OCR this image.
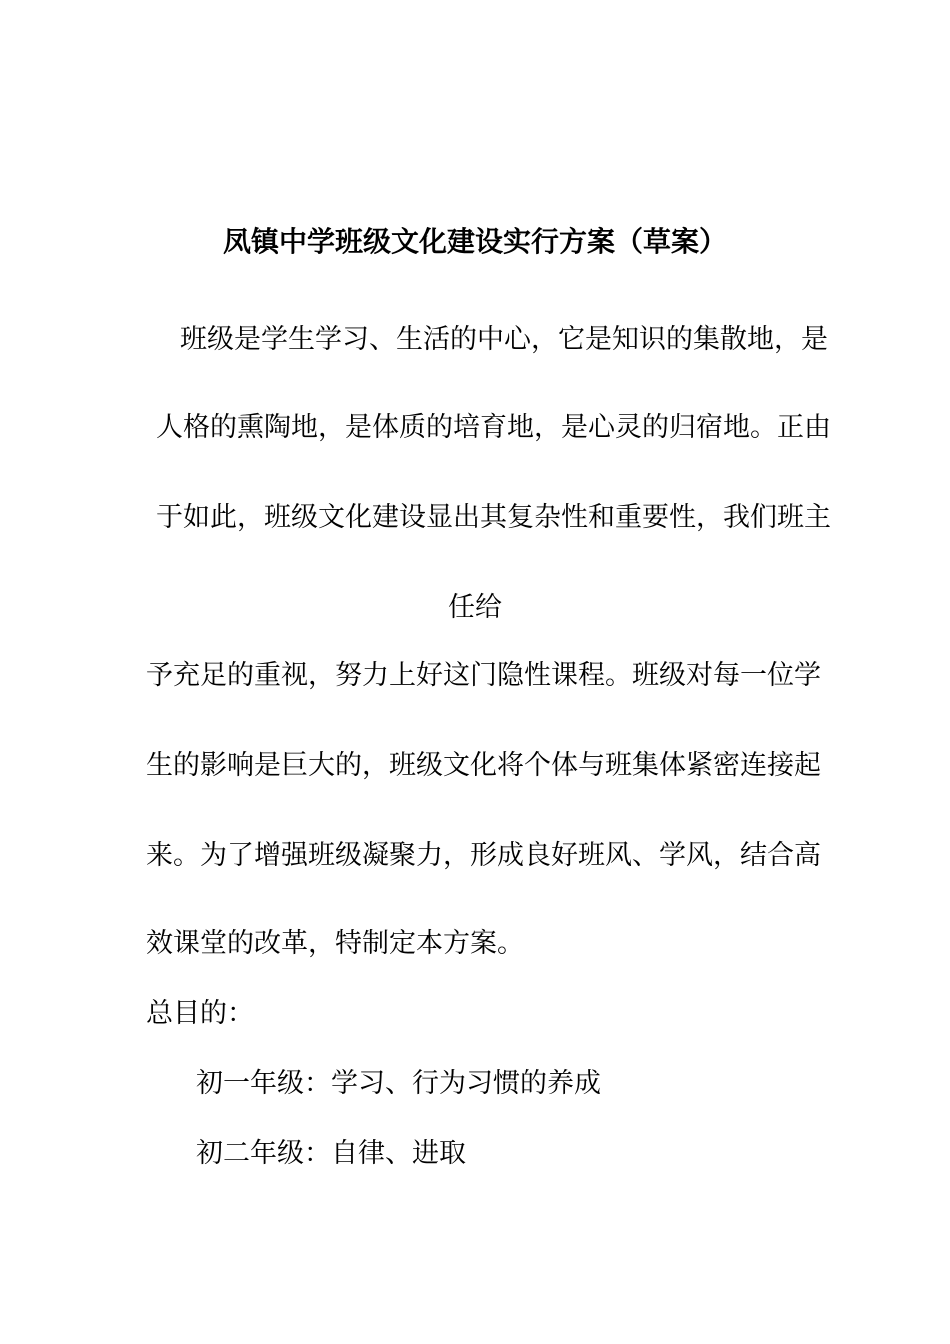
凤镇中学班级文化建设实行方案（草案）
班级是学生学习、生活的中心，它是知识的集散地，是
人格的熏陶地，是体质的培育地，是心灵的归宿地。正由
于如此，班级文化建设显出其复杂性和重要性，我们班主
任给
予充足的重视，努力上好这门隐性课程。班级对每一位学
生的影响是巨大的，班级文化将个体与班集体紧密连接起
来。为了增强班级凝聚力，形成良好班风、学风，结合高
效课堂的改革，特制定本方案。
总目的：
初一年级：学习、行为习惯的养成
初二年级：自律、进取
